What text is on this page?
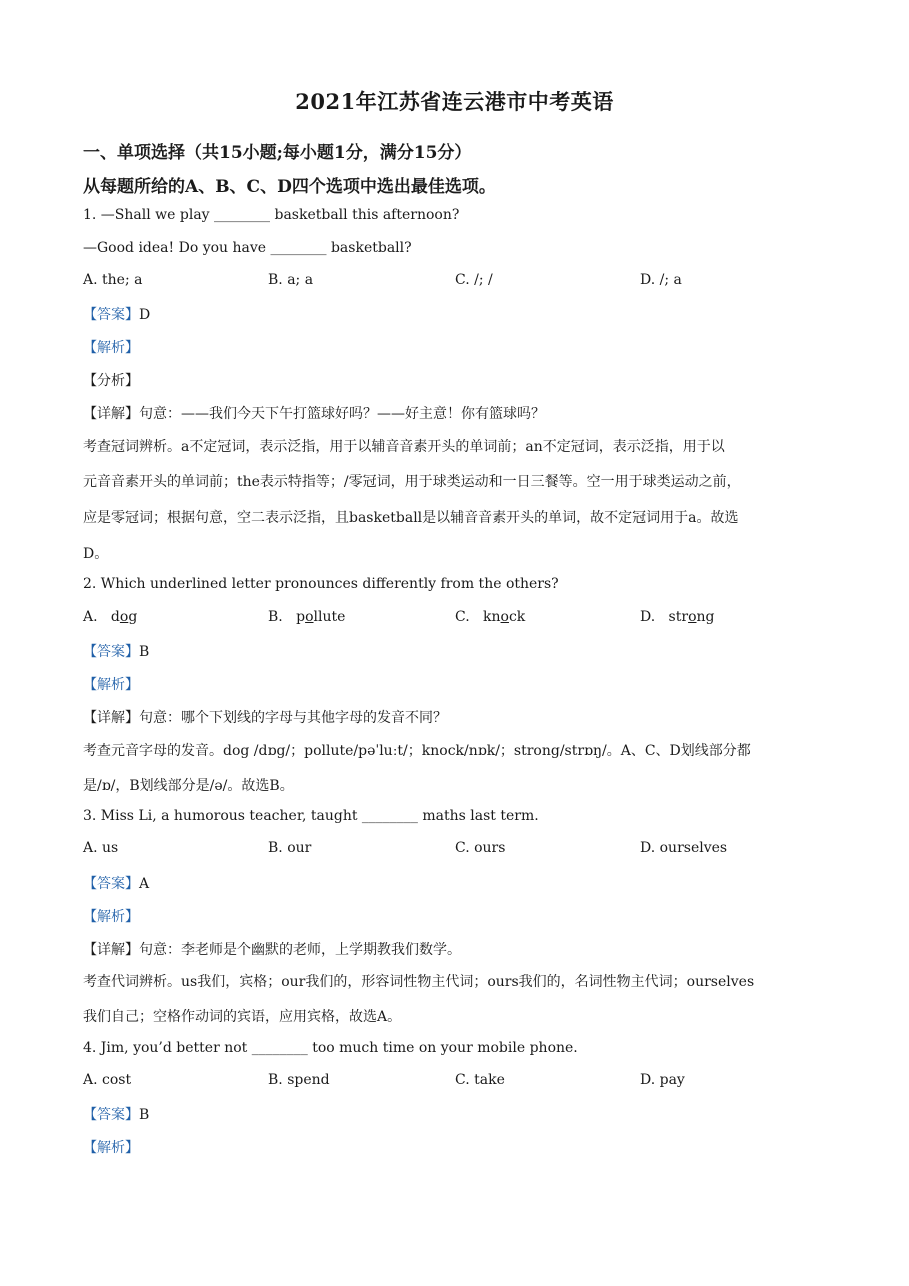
2021年江苏省连云港市中考英语
一、单项选择（共15小题;每小题1分，满分15分）
从每题所给的A、B、C、D四个选项中选出最佳选项。
1. —Shall we play ________ basketball this afternoon?
—Good idea! Do you have ________ basketball?
A. the; a	B. a; a	C. /; /	D. /; a
【答案】D
【解析】
【分析】
【详解】句意：——我们今天下午打篮球好吗？——好主意！你有篮球吗？
考查冠词辨析。a不定冠词，表示泛指，用于以辅音音素开头的单词前；an不定冠词，表示泛指，用于以
元音音素开头的单词前；the表示特指等；/零冠词，用于球类运动和一日三餐等。空一用于球类运动之前，
应是零冠词；根据句意，空二表示泛指，且basketball是以辅音音素开头的单词，故不定冠词用于a。故选
D。
2. Which underlined letter pronounces differently from the others?
A. dog	B. pollute	C. knock	D. strong
【答案】B
【解析】
【详解】句意：哪个下划线的字母与其他字母的发音不同？
考查元音字母的发音。dog /dɒg/；pollute/pəˈluːt/；knock/nɒk/；strong/strɒŋ/。A、C、D划线部分都
是/ɒ/，B划线部分是/ə/。故选B。
3. Miss Li, a humorous teacher, taught ________ maths last term.
A. us	B. our	C. ours	D. ourselves
【答案】A
【解析】
【详解】句意：李老师是个幽默的老师，上学期教我们数学。
考查代词辨析。us我们，宾格；our我们的，形容词性物主代词；ours我们的，名词性物主代词；ourselves
我们自己；空格作动词的宾语，应用宾格，故选A。
4. Jim, you’d better not ________ too much time on your mobile phone.
A. cost	B. spend	C. take	D. pay
【答案】B
【解析】
